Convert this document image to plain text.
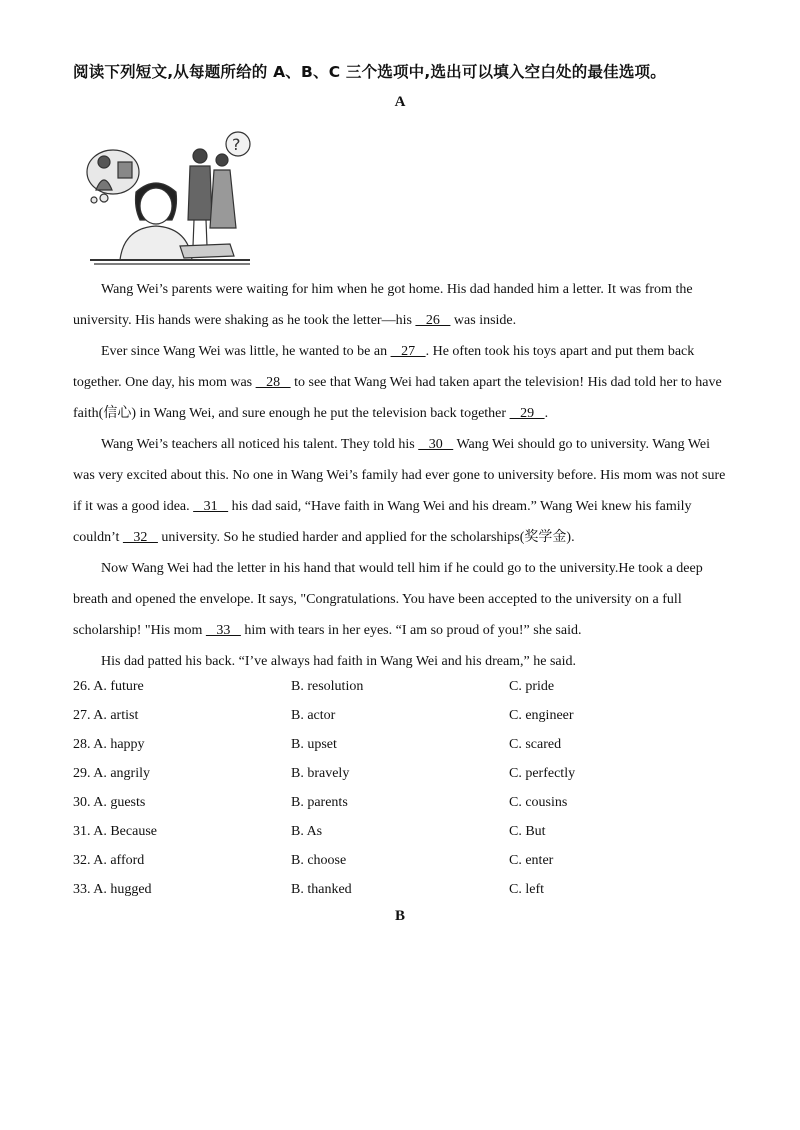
阅读下列短文,从每题所给的 A、B、C 三个选项中,选出可以填入空白处的最佳选项。
A
?

Wang Wei’s parents were waiting for him when he got home. His dad handed him a letter. It was from the university. His hands were shaking as he took the letter—his    26    was inside.

Ever since Wang Wei was little, he wanted to be an    27   . He often took his toys apart and put them back together. One day, his mom was    28    to see that Wang Wei had taken apart the television! His dad told her to have faith(信心) in Wang Wei, and sure enough he put the television back together    29   .

Wang Wei’s teachers all noticed his talent. They told his    30    Wang Wei should go to university. Wang Wei was very excited about this. No one in Wang Wei’s family had ever gone to university before. His mom was not sure if it was a good idea.    31    his dad said, “Have faith in Wang Wei and his dream.” Wang Wei knew his family couldn’t    32    university. So he studied harder and applied for the scholarships(奖学金).

Now Wang Wei had the letter in his hand that would tell him if he could go to the university.He took a deep breath and opened the envelope. It says, "Congratulations. You have been accepted to the university on a full scholarship! "His mom    33    him with tears in her eyes. “I am so proud of you!” she said.

His dad patted his back. “I’ve always had faith in Wang Wei and his dream,” he said.

26. A. future	B. resolution	C. pride
27. A. artist	B. actor	C. engineer
28. A. happy	B. upset	C. scared
29. A. angrily	B. bravely	C. perfectly
30. A. guests	B. parents	C. cousins
31. A. Because	B. As	C. But
32. A. afford	B. choose	C. enter
33. A. hugged	B. thanked	C. left
B
